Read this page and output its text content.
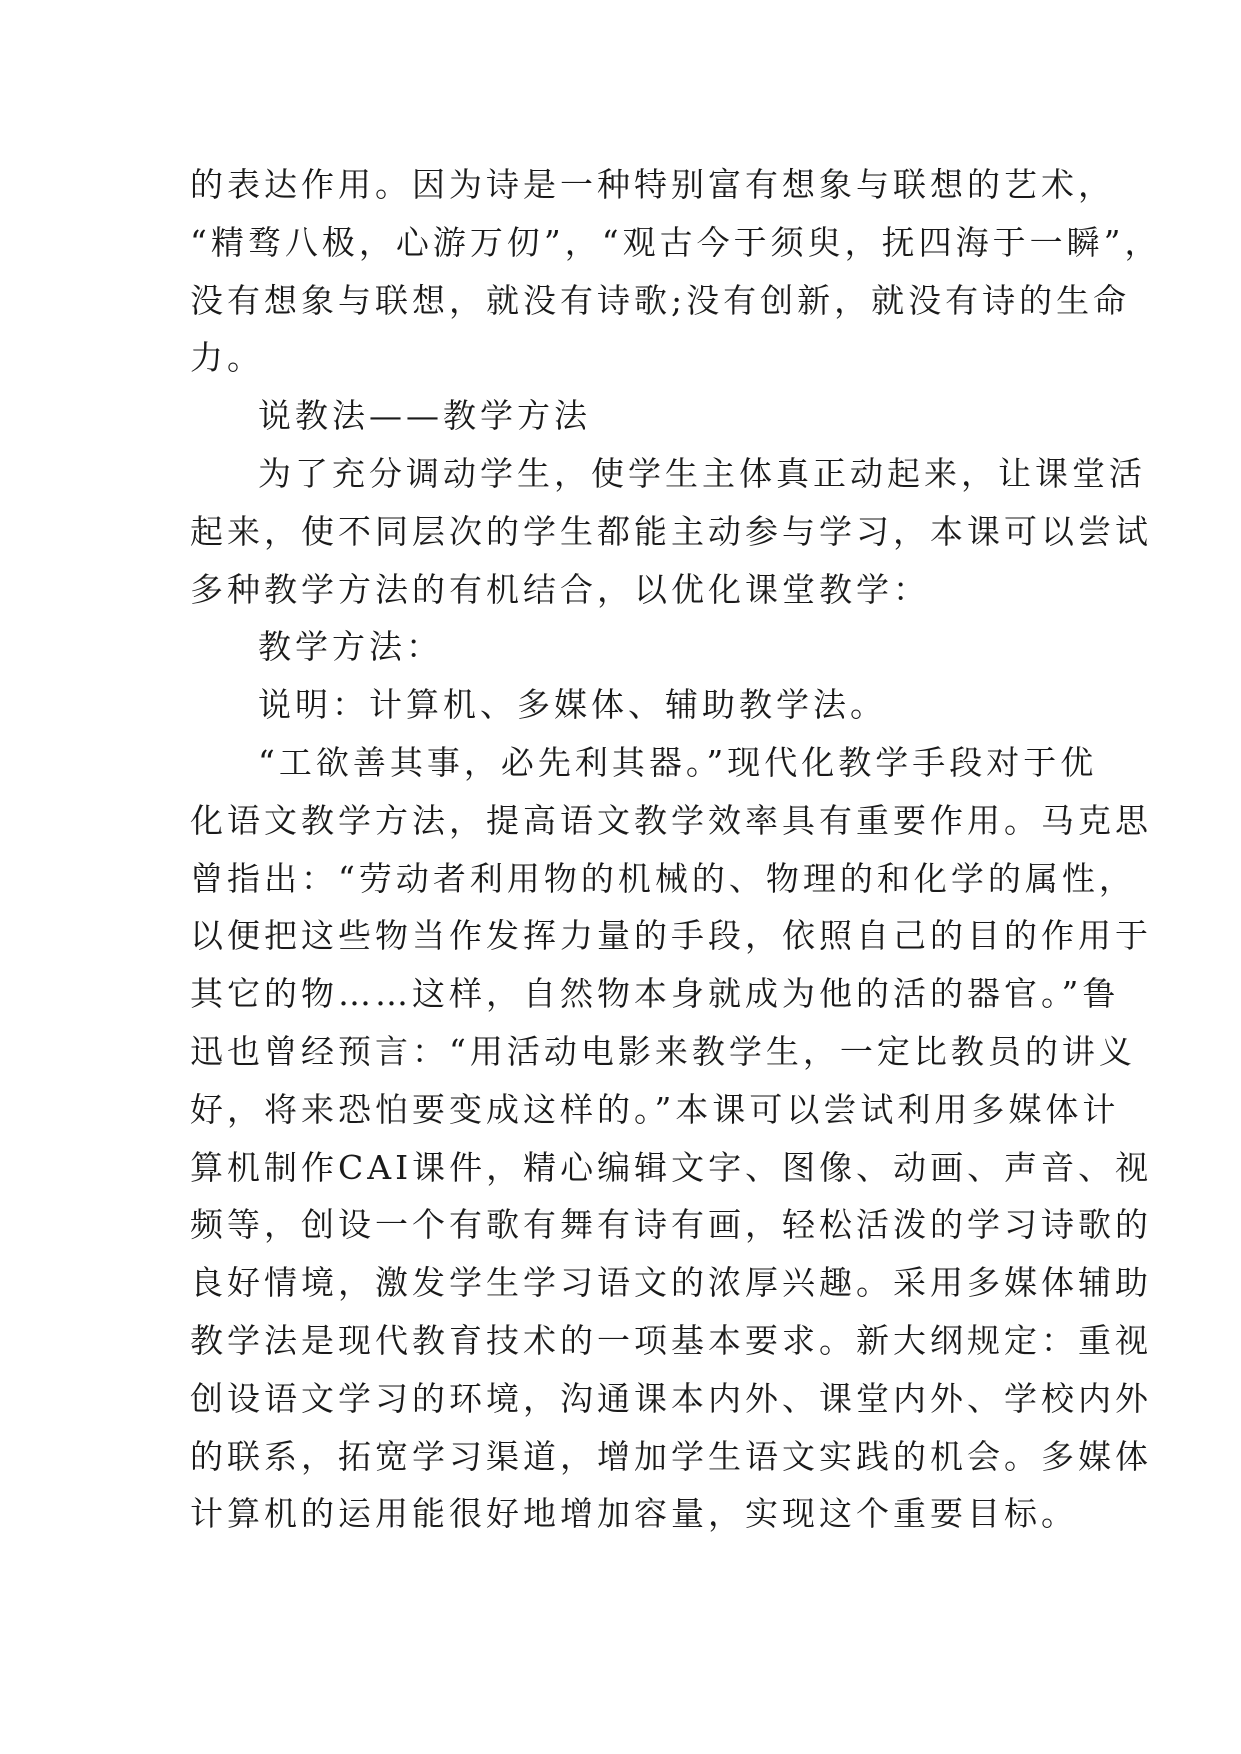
的表达作用。因为诗是一种特别富有想象与联想的艺术，
“精骛八极，心游万仞”，“观古今于须臾，抚四海于一瞬”，
没有想象与联想，就没有诗歌;没有创新，就没有诗的生命
力。
说教法——教学方法
为了充分调动学生，使学生主体真正动起来，让课堂活
起来，使不同层次的学生都能主动参与学习，本课可以尝试
多种教学方法的有机结合，以优化课堂教学：
教学方法：
说明：计算机、多媒体、辅助教学法。
“工欲善其事，必先利其器。”现代化教学手段对于优
化语文教学方法，提高语文教学效率具有重要作用。马克思
曾指出：“劳动者利用物的机械的、物理的和化学的属性，
以便把这些物当作发挥力量的手段，依照自己的目的作用于
其它的物……这样，自然物本身就成为他的活的器官。”鲁
迅也曾经预言：“用活动电影来教学生，一定比教员的讲义
好，将来恐怕要变成这样的。”本课可以尝试利用多媒体计
算机制作CAI课件，精心编辑文字、图像、动画、声音、视
频等，创设一个有歌有舞有诗有画，轻松活泼的学习诗歌的
良好情境，激发学生学习语文的浓厚兴趣。采用多媒体辅助
教学法是现代教育技术的一项基本要求。新大纲规定：重视
创设语文学习的环境，沟通课本内外、课堂内外、学校内外
的联系，拓宽学习渠道，增加学生语文实践的机会。多媒体
计算机的运用能很好地增加容量，实现这个重要目标。
